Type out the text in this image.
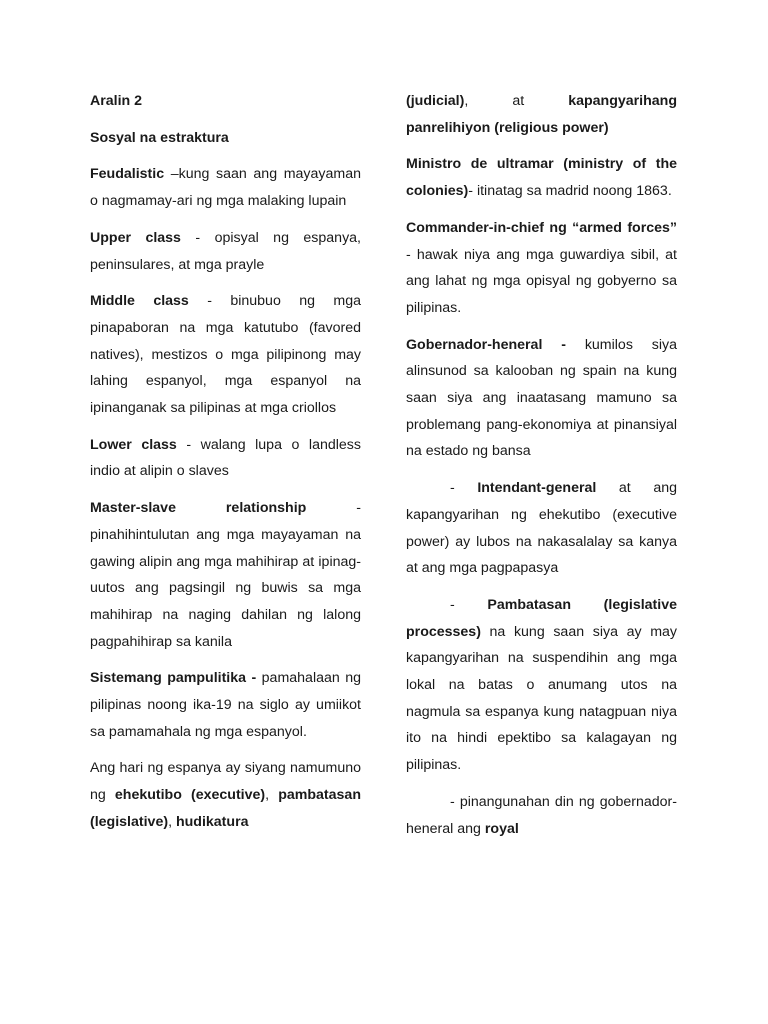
Aralin 2

Sosyal na estraktura

Feudalistic –kung saan ang mayayaman o nagmamay-ari ng mga malaking lupain

Upper class - opisyal ng espanya, peninsulares, at mga prayle

Middle class - binubuo ng mga pinapaboran na mga katutubo (favored natives), mestizos o mga pilipinong may lahing espanyol, mga espanyol na ipinanganak sa pilipinas at mga criollos

Lower class - walang lupa o landless indio at alipin o slaves

Master-slave relationship - pinahihintulutan ang mga mayayaman na gawing alipin ang mga mahihirap at ipinag-uutos ang pagsingil ng buwis sa mga mahihirap na naging dahilan ng lalong pagpahihirap sa kanila

Sistemang pampulitika - pamahalaan ng pilipinas noong ika-19 na siglo ay umiikot sa pamamahala ng mga espanyol.

Ang hari ng espanya ay siyang namumuno ng ehekutibo (executive), pambatasan (legislative), hudikatura

(judicial), at kapangyarihang panrelihiyon (religious power)

Ministro de ultramar (ministry of the colonies)- itinatag sa madrid noong 1863.

Commander-in-chief ng “armed forces” - hawak niya ang mga guwardiya sibil, at ang lahat ng mga opisyal ng gobyerno sa pilipinas.

Gobernador-heneral - kumilos siya alinsunod sa kalooban ng spain na kung saan siya ang inaatasang mamuno sa problemang pang-ekonomiya at pinansiyal na estado ng bansa

- Intendant-general at ang kapangyarihan ng ehekutibo (executive power) ay lubos na nakasalalay sa kanya at ang mga pagpapasya

- Pambatasan (legislative processes) na kung saan siya ay may kapangyarihan na suspendihin ang mga lokal na batas o anumang utos na nagmula sa espanya kung natagpuan niya ito na hindi epektibo sa kalagayan ng pilipinas.

- pinangunahan din ng gobernador-heneral ang royal
